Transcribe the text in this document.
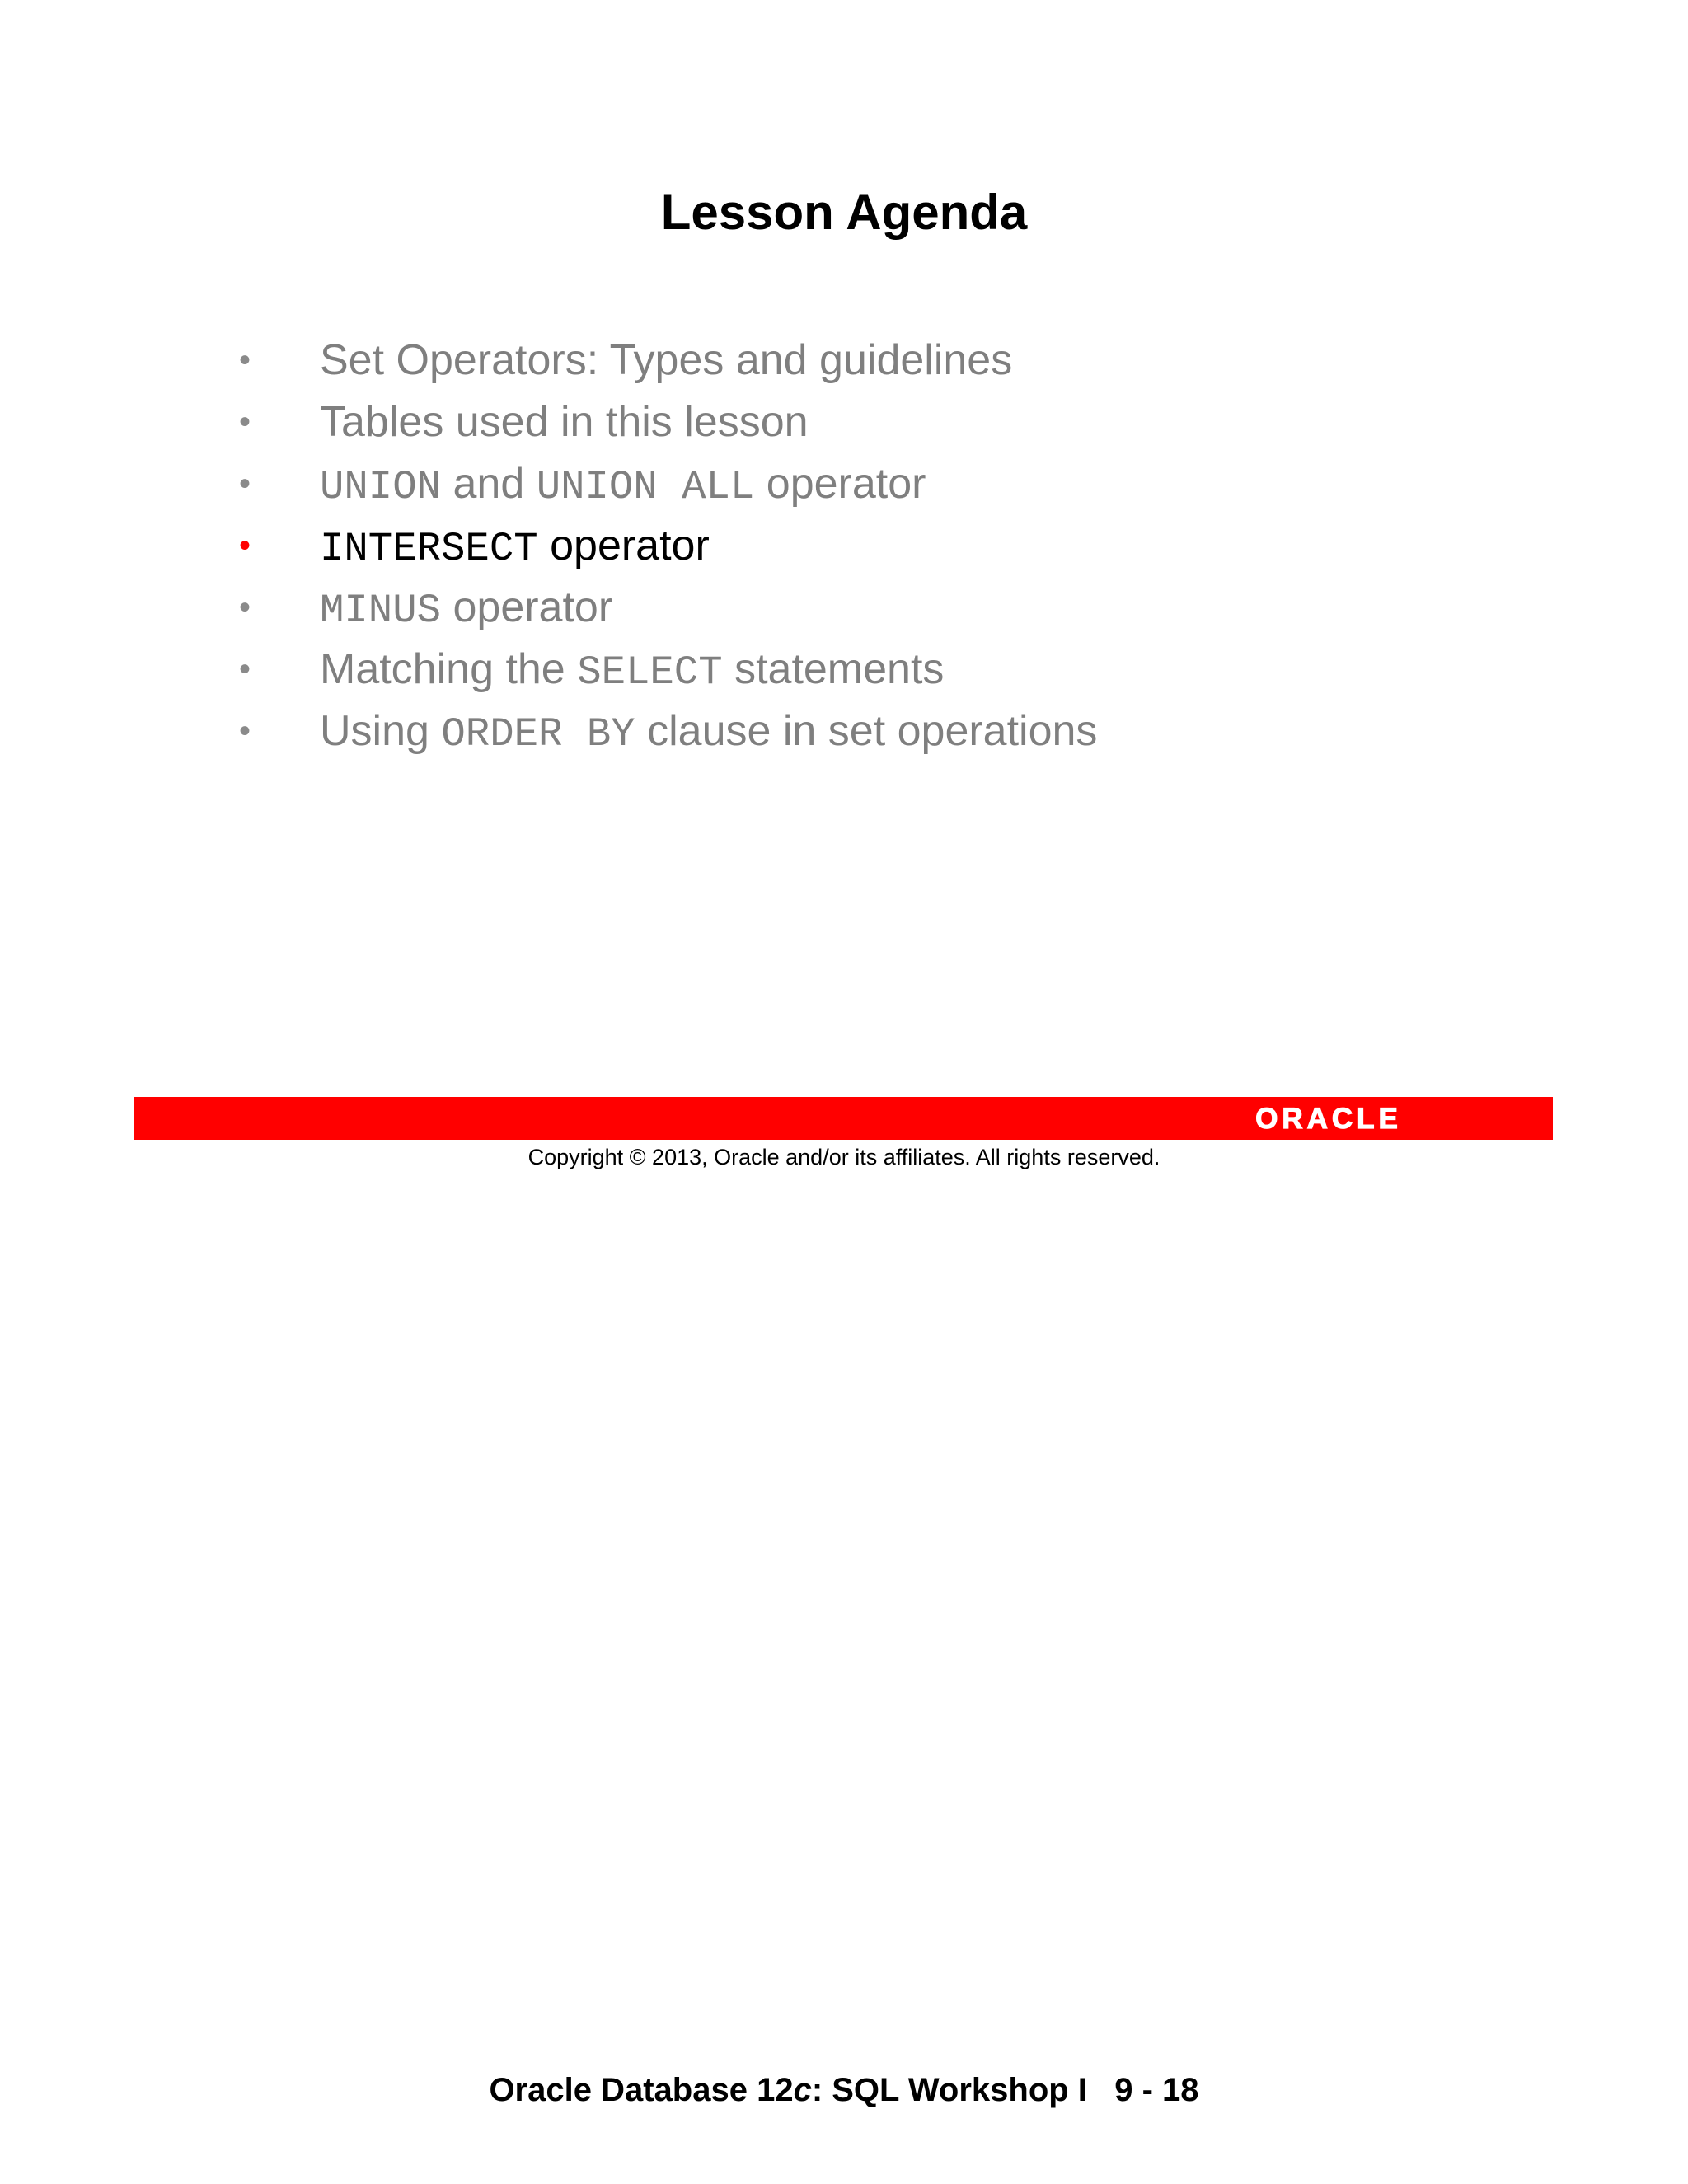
Lesson Agenda
• Set Operators: Types and guidelines
• Tables used in this lesson
• UNION and UNION ALL operator
• INTERSECT operator
• MINUS operator
• Matching the SELECT statements
• Using ORDER BY clause in set operations
ORACLE
Copyright © 2013, Oracle and/or its affiliates. All rights reserved.
Oracle Database 12c: SQL Workshop I 9 - 18
